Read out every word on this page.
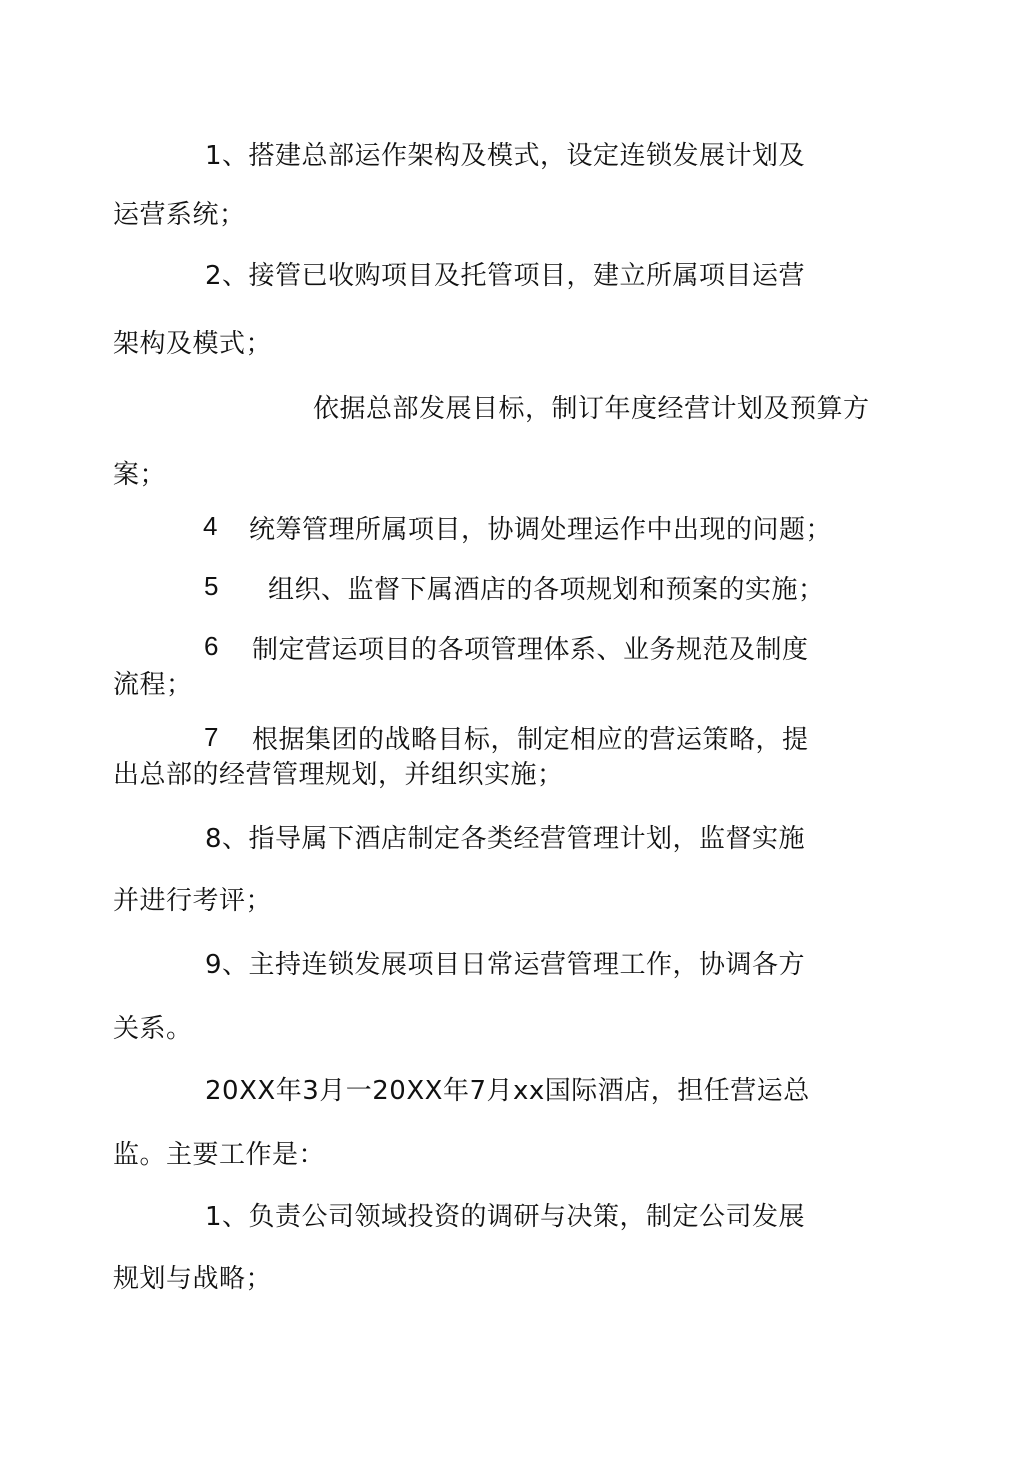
1、搭建总部运作架构及模式，设定连锁发展计划及
运营系统；
2、接管已收购项目及托管项目，建立所属项目运营
架构及模式；
依据总部发展目标，制订年度经营计划及预算方
案；
4 统筹管理所属项目，协调处理运作中出现的问题；
5 组织、监督下属酒店的各项规划和预案的实施；
6 制定营运项目的各项管理体系、业务规范及制度
流程；
7 根据集团的战略目标，制定相应的营运策略，提
出总部的经营管理规划，并组织实施；
8、指导属下酒店制定各类经营管理计划，监督实施
并进行考评；
9、主持连锁发展项目日常运营管理工作，协调各方
关系。
20XX年3月一20XX年7月xx国际酒店，担任营运总
监。主要工作是：
1、负责公司领域投资的调研与决策，制定公司发展
规划与战略；
